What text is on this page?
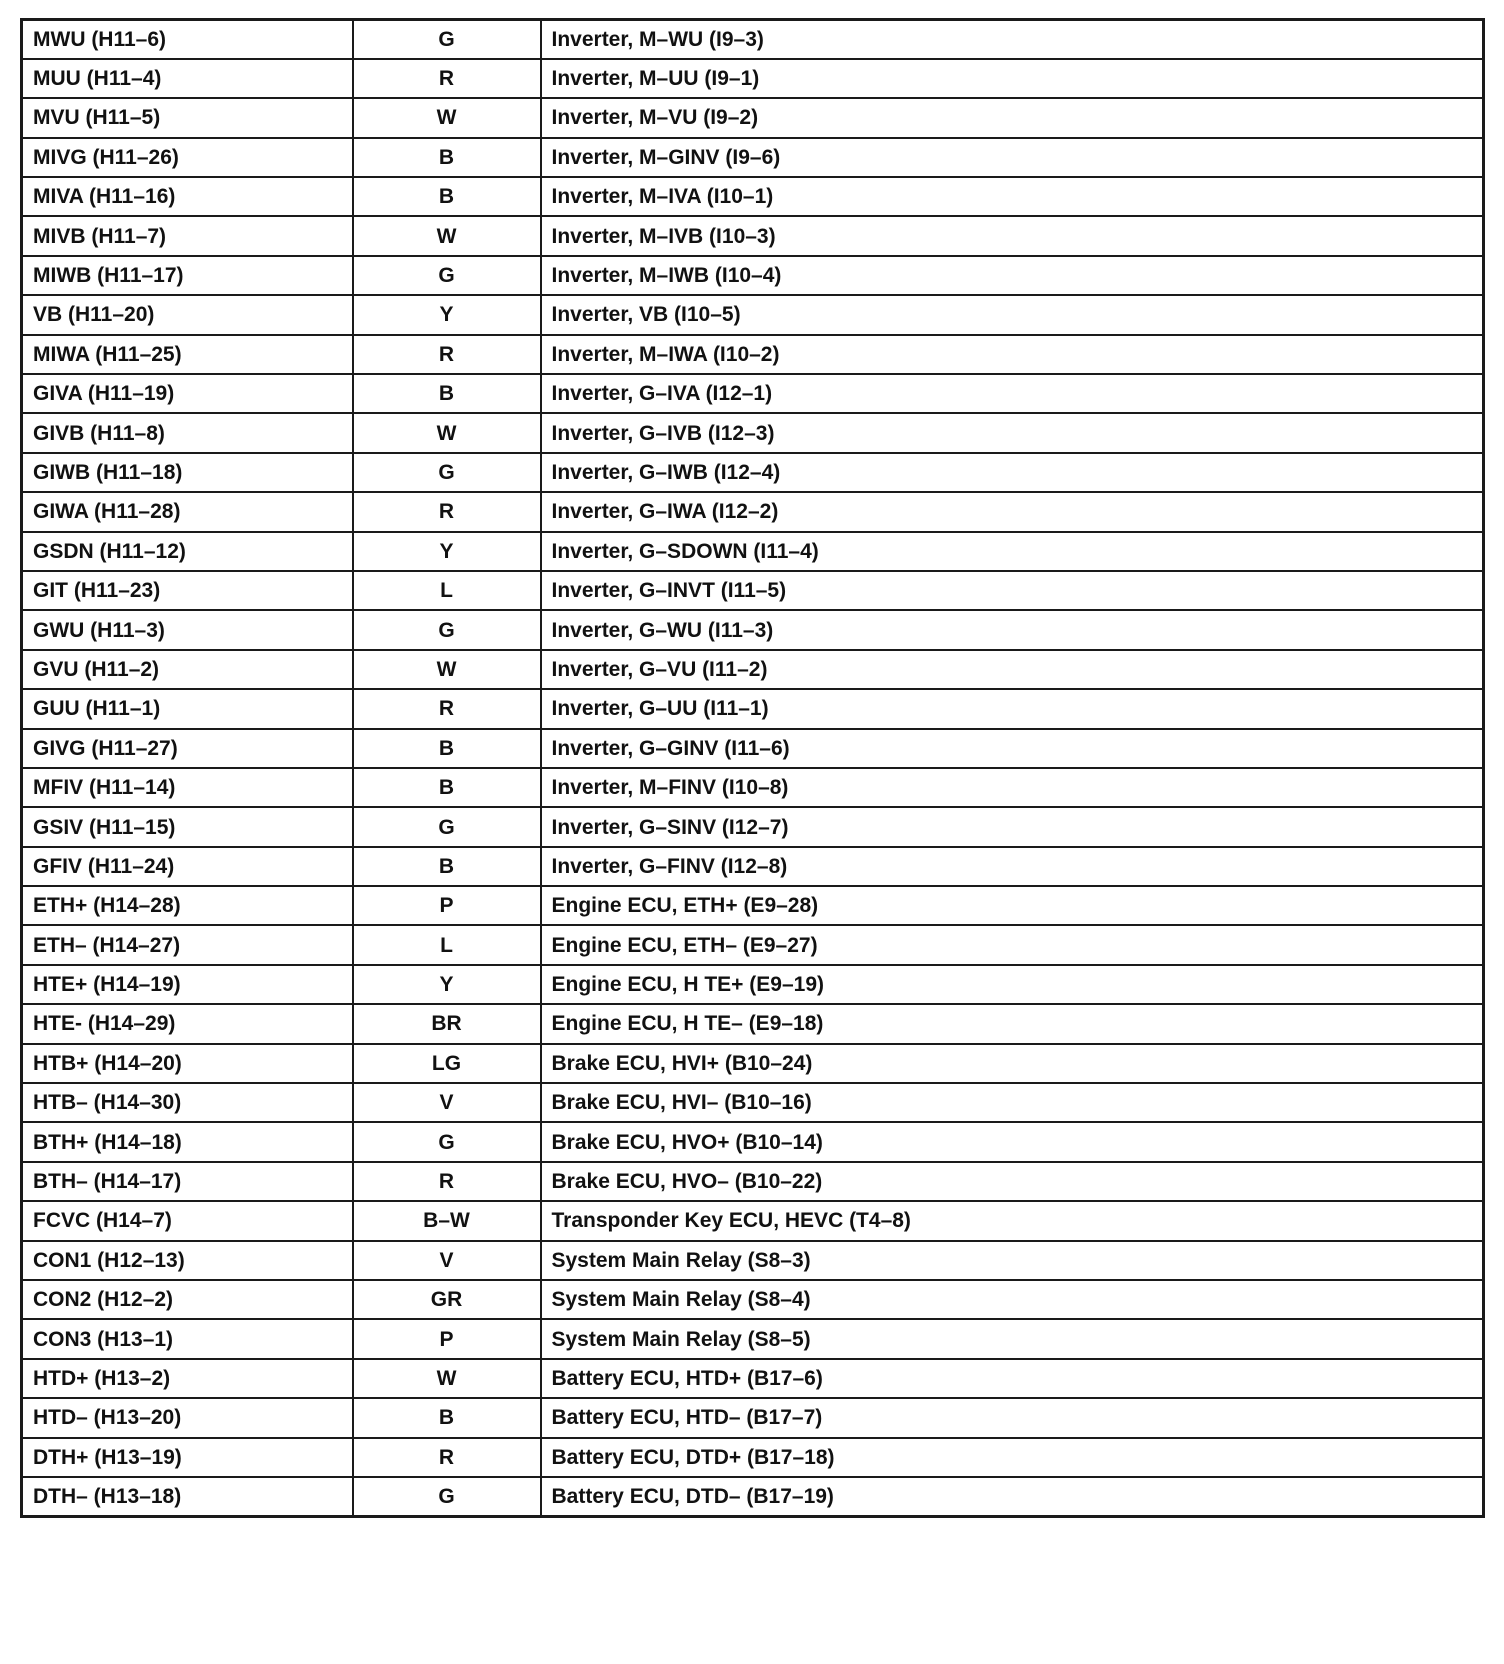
MWU (H11–6)	G	Inverter, M–WU (I9–3)
MUU (H11–4)	R	Inverter, M–UU (I9–1)
MVU (H11–5)	W	Inverter, M–VU (I9–2)
MIVG (H11–26)	B	Inverter, M–GINV (I9–6)
MIVA (H11–16)	B	Inverter, M–IVA (I10–1)
MIVB (H11–7)	W	Inverter, M–IVB (I10–3)
MIWB (H11–17)	G	Inverter, M–IWB (I10–4)
VB (H11–20)	Y	Inverter, VB (I10–5)
MIWA (H11–25)	R	Inverter, M–IWA (I10–2)
GIVA (H11–19)	B	Inverter, G–IVA (I12–1)
GIVB (H11–8)	W	Inverter, G–IVB (I12–3)
GIWB (H11–18)	G	Inverter, G–IWB (I12–4)
GIWA (H11–28)	R	Inverter, G–IWA (I12–2)
GSDN (H11–12)	Y	Inverter, G–SDOWN (I11–4)
GIT (H11–23)	L	Inverter, G–INVT (I11–5)
GWU (H11–3)	G	Inverter, G–WU (I11–3)
GVU (H11–2)	W	Inverter, G–VU (I11–2)
GUU (H11–1)	R	Inverter, G–UU (I11–1)
GIVG (H11–27)	B	Inverter, G–GINV (I11–6)
MFIV (H11–14)	B	Inverter, M–FINV (I10–8)
GSIV (H11–15)	G	Inverter, G–SINV (I12–7)
GFIV (H11–24)	B	Inverter, G–FINV (I12–8)
ETH+ (H14–28)	P	Engine ECU, ETH+ (E9–28)
ETH– (H14–27)	L	Engine ECU, ETH– (E9–27)
HTE+ (H14–19)	Y	Engine ECU, H TE+ (E9–19)
HTE- (H14–29)	BR	Engine ECU, H TE– (E9–18)
HTB+ (H14–20)	LG	Brake ECU, HVI+ (B10–24)
HTB– (H14–30)	V	Brake ECU, HVI– (B10–16)
BTH+ (H14–18)	G	Brake ECU, HVO+ (B10–14)
BTH– (H14–17)	R	Brake ECU, HVO– (B10–22)
FCVC (H14–7)	B–W	Transponder Key ECU, HEVC (T4–8)
CON1 (H12–13)	V	System Main Relay (S8–3)
CON2 (H12–2)	GR	System Main Relay (S8–4)
CON3 (H13–1)	P	System Main Relay (S8–5)
HTD+ (H13–2)	W	Battery ECU, HTD+ (B17–6)
HTD– (H13–20)	B	Battery ECU, HTD– (B17–7)
DTH+ (H13–19)	R	Battery ECU, DTD+ (B17–18)
DTH– (H13–18)	G	Battery ECU, DTD– (B17–19)
